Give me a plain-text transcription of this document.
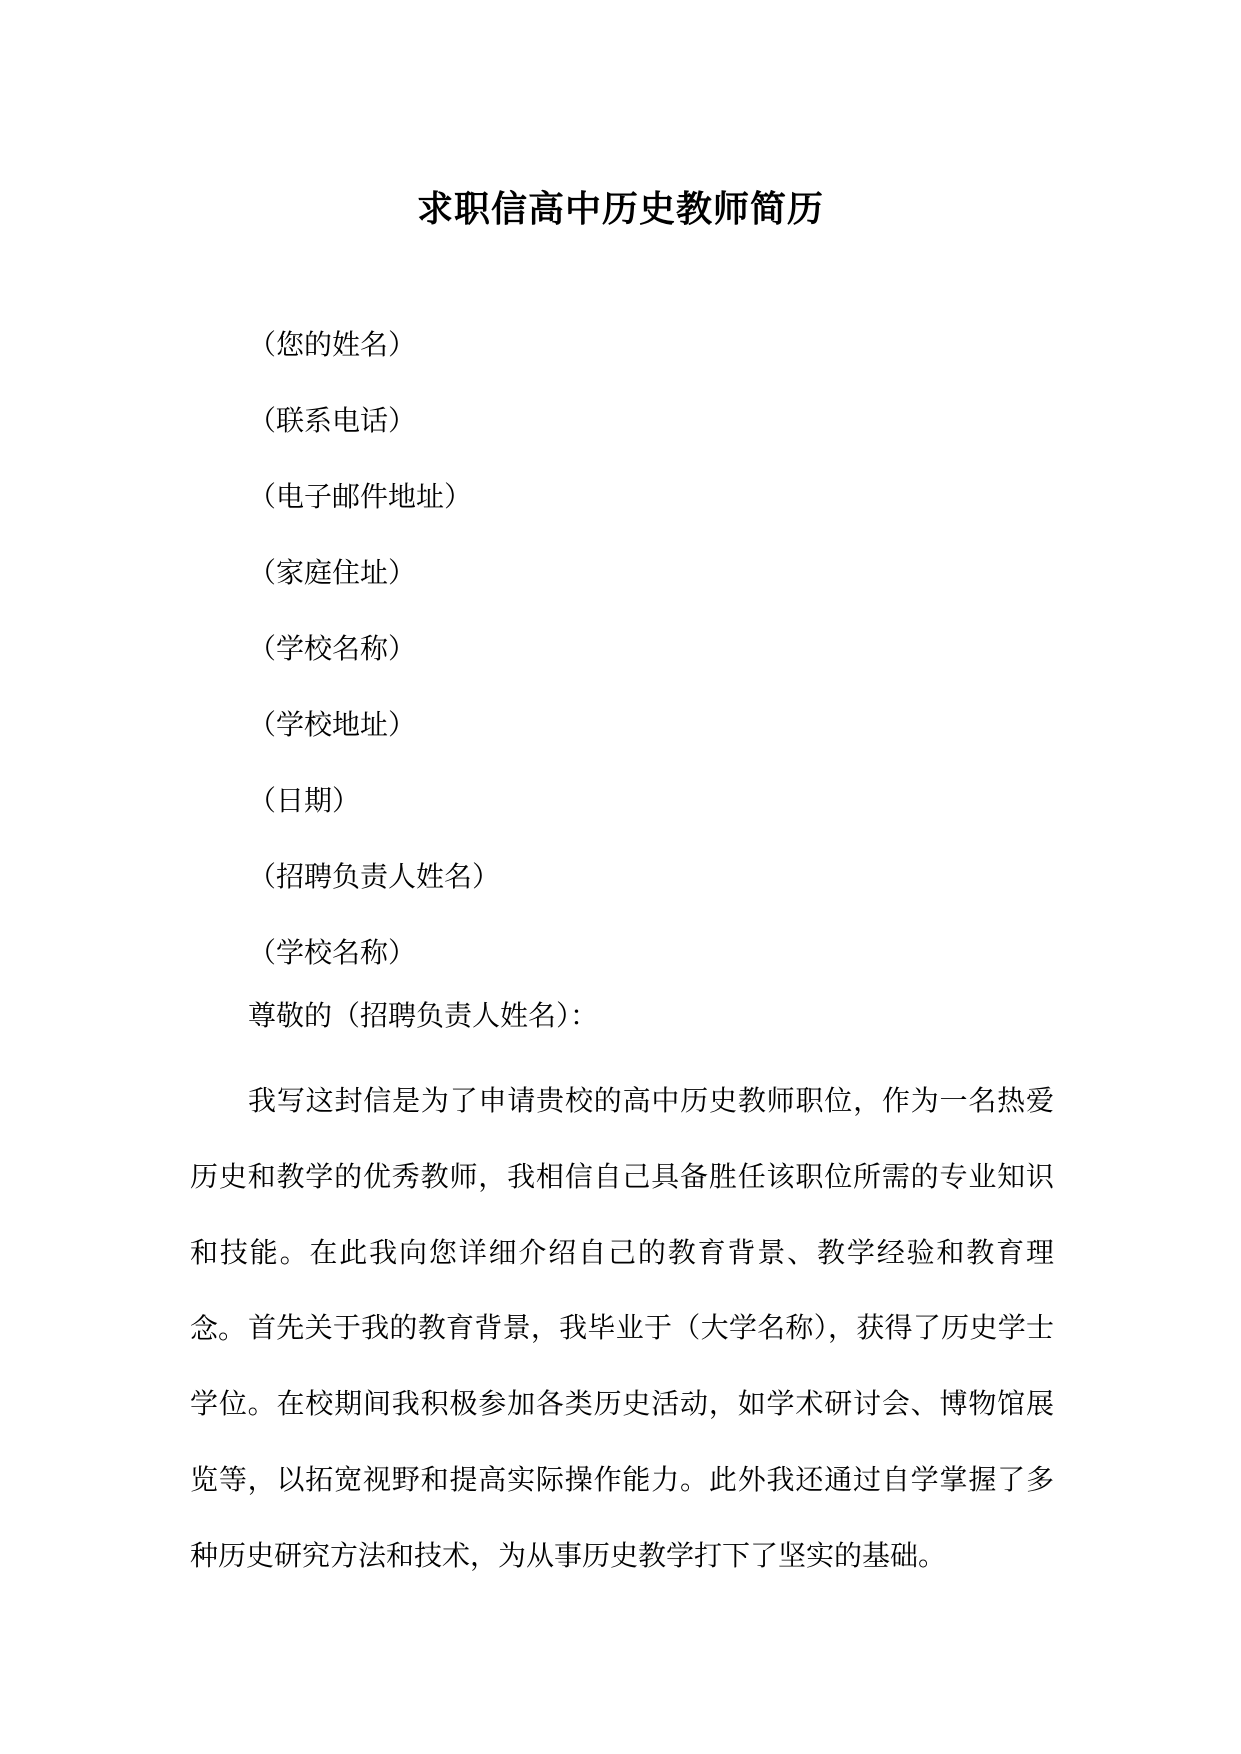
求职信高中历史教师简历
（您的姓名）
（联系电话）
（电子邮件地址）
（家庭住址）
（学校名称）
（学校地址）
（日期）
（招聘负责人姓名）
（学校名称）
尊敬的（招聘负责人姓名）：

我写这封信是为了申请贵校的高中历史教师职位，作为一名热爱历史和教学的优秀教师，我相信自己具备胜任该职位所需的专业知识和技能。在此我向您详细介绍自己的教育背景、教学经验和教育理念。 首先关于我的教育背景，我毕业于（大学名称），获得了历史学士学位。在校期间我积极参加各类历史活动，如学术研讨会、博物馆展览等，以拓宽视野和提高实际操作能力。此外我还通过自学掌握了多种历史研究方法和技术，为从事历史教学打下了坚实的基础。
